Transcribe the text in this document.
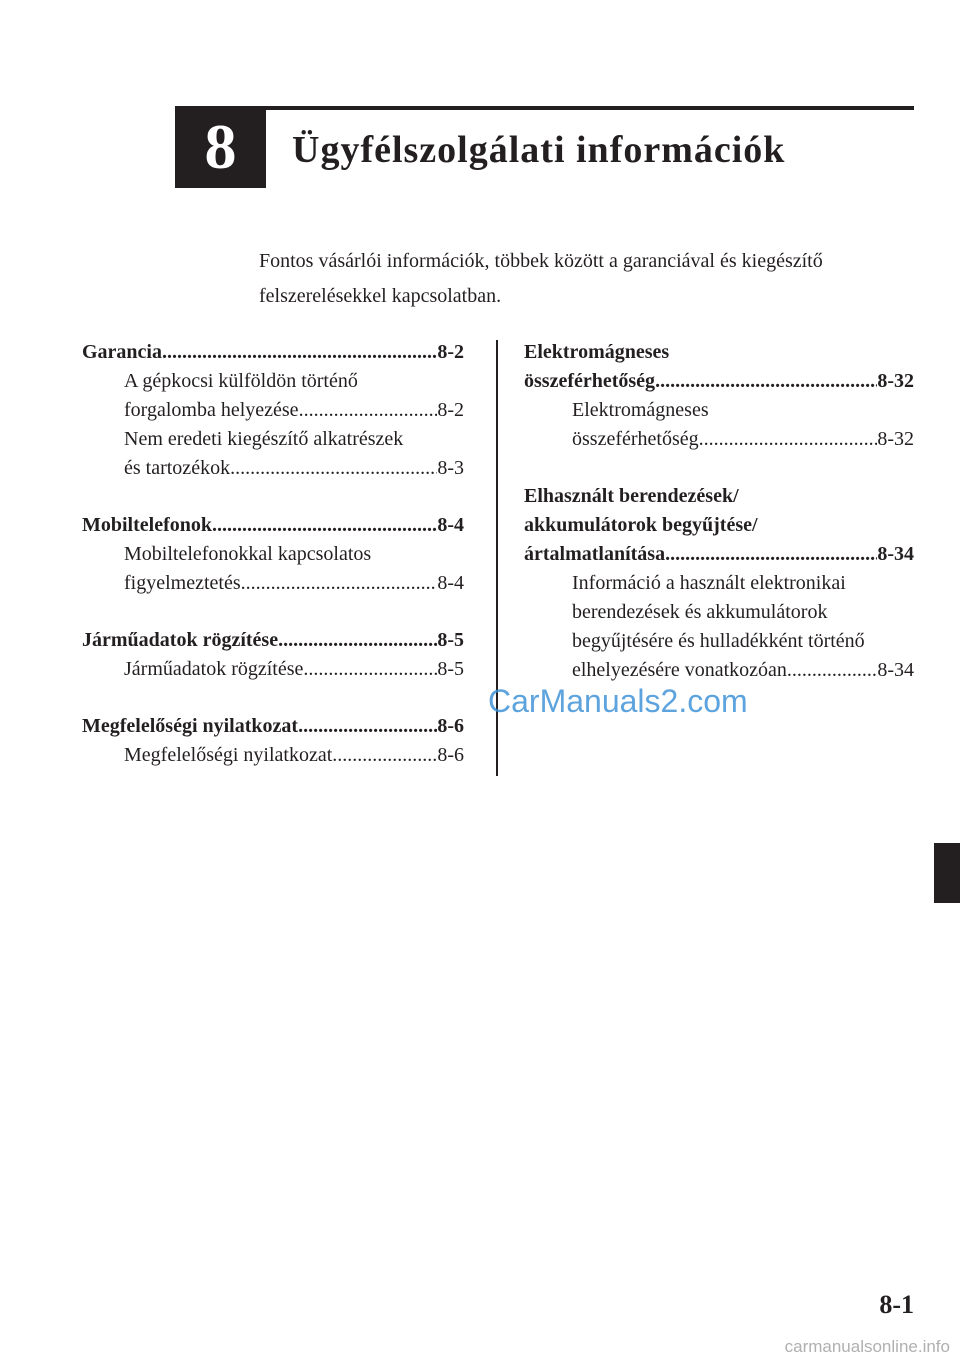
8 Ügyfélszolgálati információk

Fontos vásárlói információk, többek között a garanciával és kiegészítő
felszerelésekkel kapcsolatban.

Garancia .....	8-2
A gépkocsi külföldön történő
forgalomba helyezése .....	8-2
Nem eredeti kiegészítő alkatrészek
és tartozékok .....	8-3
Mobiltelefonok .....	8-4
Mobiltelefonokkal kapcsolatos
figyelmeztetés .....	8-4
Járműadatok rögzítése .....	8-5
Járműadatok rögzítése .....	8-5
Megfelelőségi nyilatkozat .....	8-6
Megfelelőségi nyilatkozat .....	8-6
Elektromágneses
összeférhetőség .....	8-32
Elektromágneses
összeférhetőség .....	8-32
Elhasznált berendezések/
akkumulátorok begyűjtése/
ártalmatlanítása .....	8-34
Információ a használt elektronikai
berendezések és akkumulátorok
begyűjtésére és hulladékként történő
elhelyezésére vonatkozóan .....	8-34

CarManuals2.com

8-1

carmanualsonline.info
